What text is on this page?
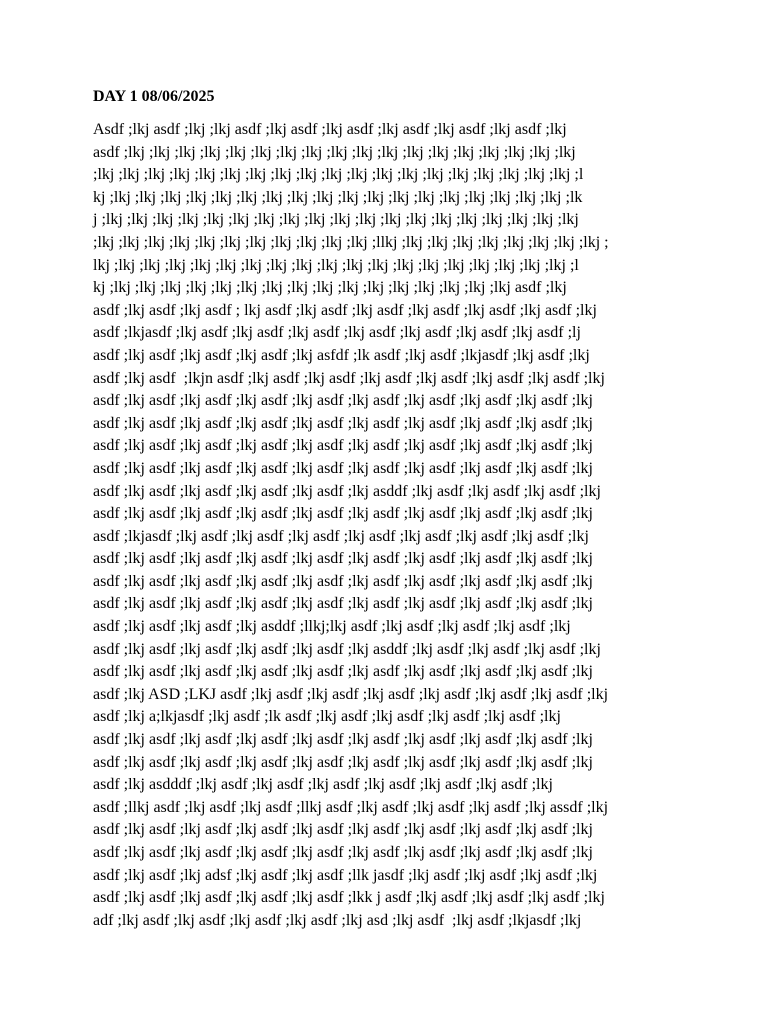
DAY 1 08/06/2025
Asdf ;lkj asdf ;lkj ;lkj asdf ;lkj asdf ;lkj asdf ;lkj asdf ;lkj asdf ;lkj asdf ;lkj
asdf ;lkj ;lkj ;lkj ;lkj ;lkj ;lkj ;lkj ;lkj ;lkj ;lkj ;lkj ;lkj ;lkj ;lkj ;lkj ;lkj ;lkj ;lkj
;lkj ;lkj ;lkj ;lkj ;lkj ;lkj ;lkj ;lkj ;lkj ;lkj ;lkj ;lkj ;lkj ;lkj ;lkj ;lkj ;lkj ;lkj ;lkj ;l
kj ;lkj ;lkj ;lkj ;lkj ;lkj ;lkj ;lkj ;lkj ;lkj ;lkj ;lkj ;lkj ;lkj ;lkj ;lkj ;lkj ;lkj ;lkj ;lk
j ;lkj ;lkj ;lkj ;lkj ;lkj ;lkj ;lkj ;lkj ;lkj ;lkj ;lkj ;lkj ;lkj ;lkj ;lkj ;lkj ;lkj ;lkj ;lkj
;lkj ;lkj ;lkj ;lkj ;lkj ;lkj ;lkj ;lkj ;lkj ;lkj ;lkj ;llkj ;lkj ;lkj ;lkj ;lkj ;lkj ;lkj ;lkj ;lkj ;
lkj ;lkj ;lkj ;lkj ;lkj ;lkj ;lkj ;lkj ;lkj ;lkj ;lkj ;lkj ;lkj ;lkj ;lkj ;lkj ;lkj ;lkj ;lkj ;l
kj ;lkj ;lkj ;lkj ;lkj ;lkj ;lkj ;lkj ;lkj ;lkj ;lkj ;lkj ;lkj ;lkj ;lkj ;lkj ;lkj asdf ;lkj
asdf ;lkj asdf ;lkj asdf ; lkj asdf ;lkj asdf ;lkj asdf ;lkj asdf ;lkj asdf ;lkj asdf ;lkj
asdf ;lkjasdf ;lkj asdf ;lkj asdf ;lkj asdf ;lkj asdf ;lkj asdf ;lkj asdf ;lkj asdf ;lj
asdf ;lkj asdf ;lkj asdf ;lkj asdf ;lkj asfdf ;lk asdf ;lkj asdf ;lkjasdf ;lkj asdf ;lkj
asdf ;lkj asdf  ;lkjn asdf ;lkj asdf ;lkj asdf ;lkj asdf ;lkj asdf ;lkj asdf ;lkj asdf ;lkj
asdf ;lkj asdf ;lkj asdf ;lkj asdf ;lkj asdf ;lkj asdf ;lkj asdf ;lkj asdf ;lkj asdf ;lkj
asdf ;lkj asdf ;lkj asdf ;lkj asdf ;lkj asdf ;lkj asdf ;lkj asdf ;lkj asdf ;lkj asdf ;lkj
asdf ;lkj asdf ;lkj asdf ;lkj asdf ;lkj asdf ;lkj asdf ;lkj asdf ;lkj asdf ;lkj asdf ;lkj
asdf ;lkj asdf ;lkj asdf ;lkj asdf ;lkj asdf ;lkj asdf ;lkj asdf ;lkj asdf ;lkj asdf ;lkj
asdf ;lkj asdf ;lkj asdf ;lkj asdf ;lkj asdf ;lkj asddf ;lkj asdf ;lkj asdf ;lkj asdf ;lkj
asdf ;lkj asdf ;lkj asdf ;lkj asdf ;lkj asdf ;lkj asdf ;lkj asdf ;lkj asdf ;lkj asdf ;lkj
asdf ;lkjasdf ;lkj asdf ;lkj asdf ;lkj asdf ;lkj asdf ;lkj asdf ;lkj asdf ;lkj asdf ;lkj
asdf ;lkj asdf ;lkj asdf ;lkj asdf ;lkj asdf ;lkj asdf ;lkj asdf ;lkj asdf ;lkj asdf ;lkj
asdf ;lkj asdf ;lkj asdf ;lkj asdf ;lkj asdf ;lkj asdf ;lkj asdf ;lkj asdf ;lkj asdf ;lkj
asdf ;lkj asdf ;lkj asdf ;lkj asdf ;lkj asdf ;lkj asdf ;lkj asdf ;lkj asdf ;lkj asdf ;lkj
asdf ;lkj asdf ;lkj asdf ;lkj asddf ;llkj;lkj asdf ;lkj asdf ;lkj asdf ;lkj asdf ;lkj
asdf ;lkj asdf ;lkj asdf ;lkj asdf ;lkj asdf ;lkj asddf ;lkj asdf ;lkj asdf ;lkj asdf ;lkj
asdf ;lkj asdf ;lkj asdf ;lkj asdf ;lkj asdf ;lkj asdf ;lkj asdf ;lkj asdf ;lkj asdf ;lkj
asdf ;lkj ASD ;LKJ asdf ;lkj asdf ;lkj asdf ;lkj asdf ;lkj asdf ;lkj asdf ;lkj asdf ;lkj
asdf ;lkj a;lkjasdf ;lkj asdf ;lk asdf ;lkj asdf ;lkj asdf ;lkj asdf ;lkj asdf ;lkj
asdf ;lkj asdf ;lkj asdf ;lkj asdf ;lkj asdf ;lkj asdf ;lkj asdf ;lkj asdf ;lkj asdf ;lkj
asdf ;lkj asdf ;lkj asdf ;lkj asdf ;lkj asdf ;lkj asdf ;lkj asdf ;lkj asdf ;lkj asdf ;lkj
asdf ;lkj asdddf ;lkj asdf ;lkj asdf ;lkj asdf ;lkj asdf ;lkj asdf ;lkj asdf ;lkj
asdf ;llkj asdf ;lkj asdf ;lkj asdf ;llkj asdf ;lkj asdf ;lkj asdf ;lkj asdf ;lkj assdf ;lkj
asdf ;lkj asdf ;lkj asdf ;lkj asdf ;lkj asdf ;lkj asdf ;lkj asdf ;lkj asdf ;lkj asdf ;lkj
asdf ;lkj asdf ;lkj asdf ;lkj asdf ;lkj asdf ;lkj asdf ;lkj asdf ;lkj asdf ;lkj asdf ;lkj
asdf ;lkj asdf ;lkj adsf ;lkj asdf ;lkj asdf ;llk jasdf ;lkj asdf ;lkj asdf ;lkj asdf ;lkj
asdf ;lkj asdf ;lkj asdf ;lkj asdf ;lkj asdf ;lkk j asdf ;lkj asdf ;lkj asdf ;lkj asdf ;lkj
adf ;lkj asdf ;lkj asdf ;lkj asdf ;lkj asdf ;lkj asd ;lkj asdf  ;lkj asdf ;lkjasdf ;lkj
